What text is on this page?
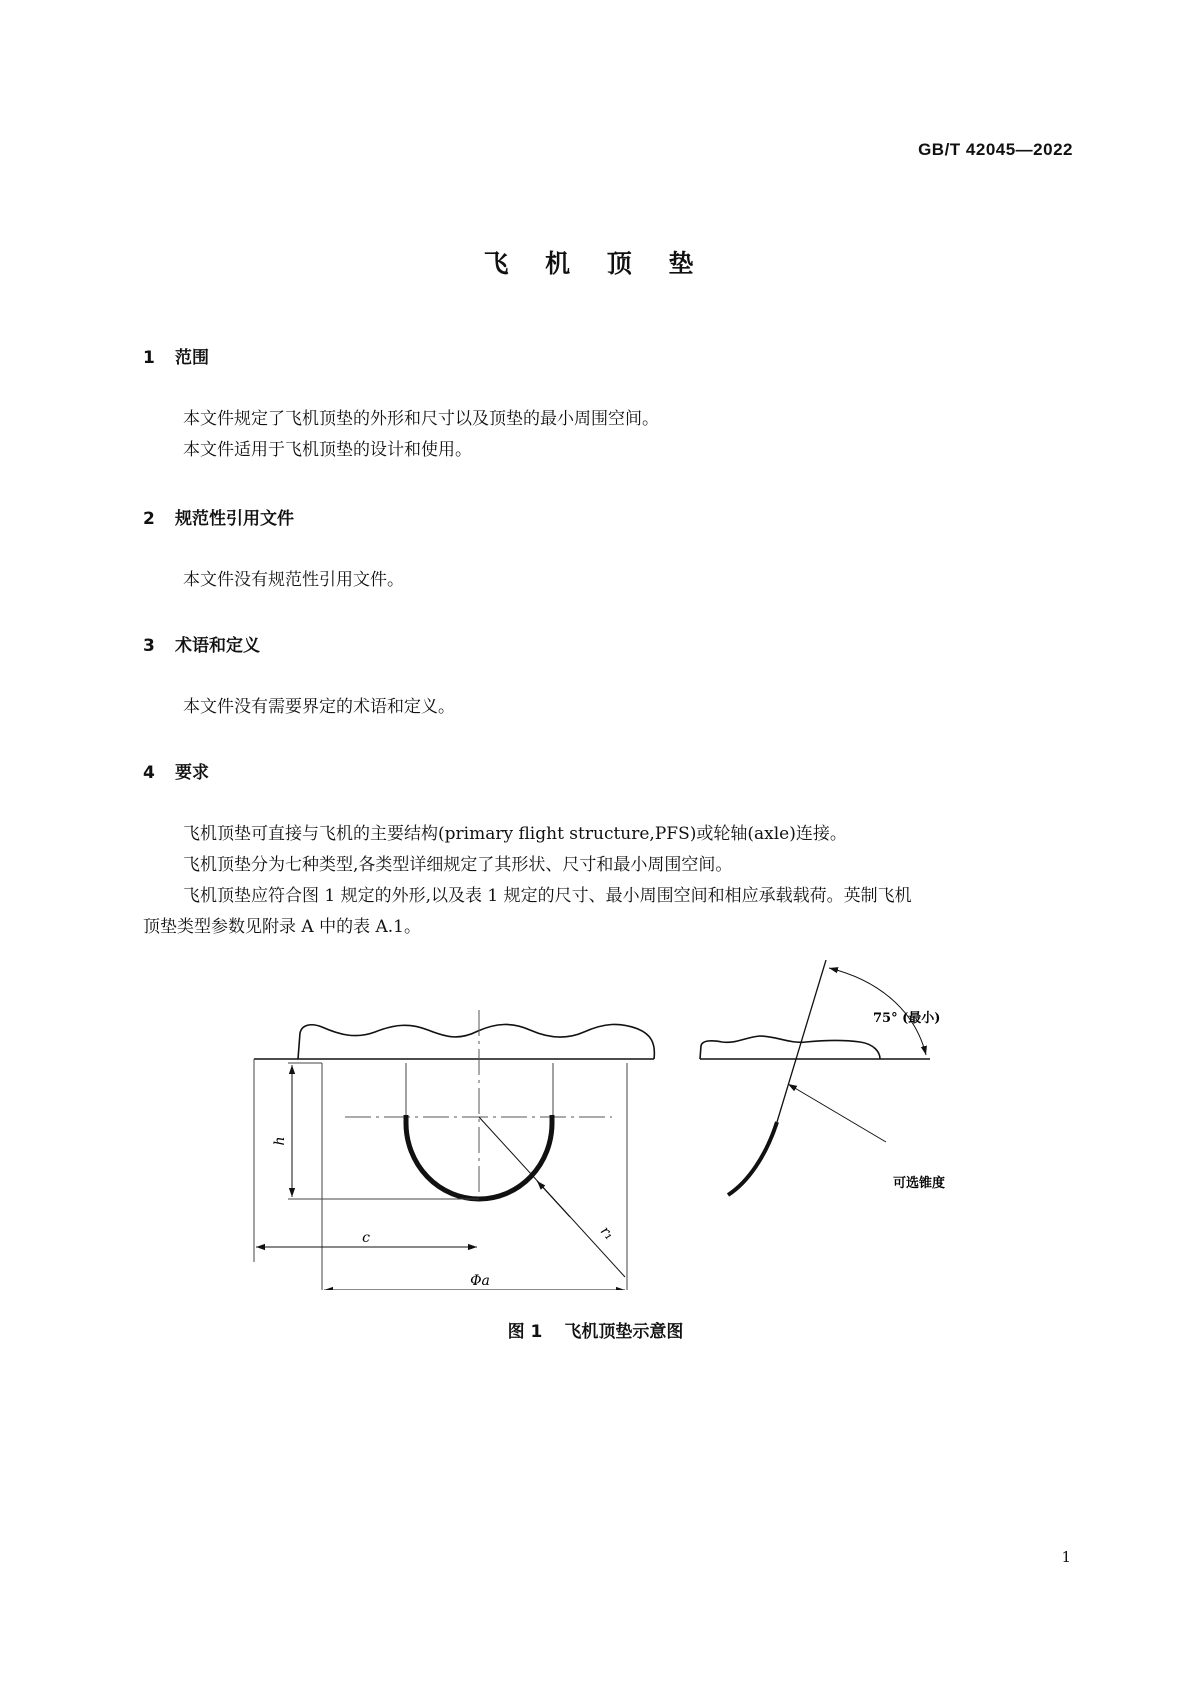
GB/T 42045—2022
飞 机 顶 垫
1 范围
本文件规定了飞机顶垫的外形和尺寸以及顶垫的最小周围空间。
本文件适用于飞机顶垫的设计和使用。
2 规范性引用文件
本文件没有规范性引用文件。
3 术语和定义
本文件没有需要界定的术语和定义。
4 要求
飞机顶垫可直接与飞机的主要结构(primary flight structure,PFS)或轮轴(axle)连接。
飞机顶垫分为七种类型,各类型详细规定了其形状、尺寸和最小周围空间。
飞机顶垫应符合图 1 规定的外形,以及表 1 规定的尺寸、最小周围空间和相应承载载荷。英制飞机
顶垫类型参数见附录 A 中的表 A.1。
h
c
Φa
r₁
75° (最小)
可选锥度
图 1 飞机顶垫示意图
1
